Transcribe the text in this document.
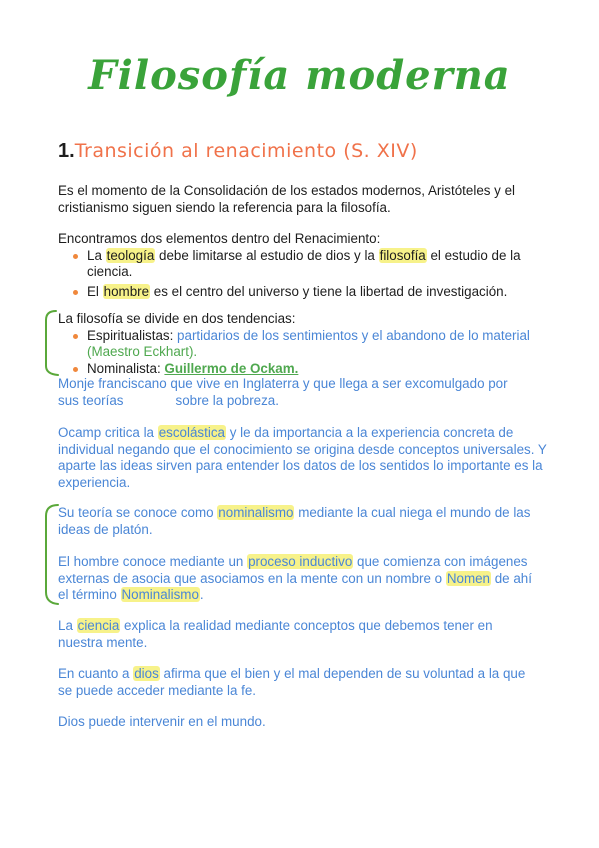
Filosofía moderna
1.Transición al renacimiento (S. XIV)
Es el momento de la Consolidación de los estados modernos, Aristóteles y el cristianismo siguen siendo la referencia para la filosofía.
Encontramos dos elementos dentro del Renacimiento:
La teología debe limitarse al estudio de dios y la filosofía el estudio de la ciencia.
El hombre es el centro del universo y tiene la libertad de investigación.
La filosofía se divide en dos tendencias:
Espiritualistas: partidarios de los sentimientos y el abandono de lo material (Maestro Eckhart).
Nominalista: Guillermo de Ockam.
Monje franciscano que vive en Inglaterra y que llega a ser excomulgado por
sus teorías	sobre la pobreza.
Ocamp critica la escolástica y le da importancia a la experiencia concreta de individual negando que el conocimiento se origina desde conceptos universales. Y aparte las ideas sirven para entender los datos de los sentidos lo importante es la experiencia.
Su teoría se conoce como nominalismo mediante la cual niega el mundo de las ideas de platón.
El hombre conoce mediante un proceso inductivo que comienza con imágenes externas de asocia que asociamos en la mente con un nombre o Nomen de ahí el término Nominalismo.
La ciencia explica la realidad mediante conceptos que debemos tener en nuestra mente.
En cuanto a dios afirma que el bien y el mal dependen de su voluntad a la que se puede acceder mediante la fe.
Dios puede intervenir en el mundo.
